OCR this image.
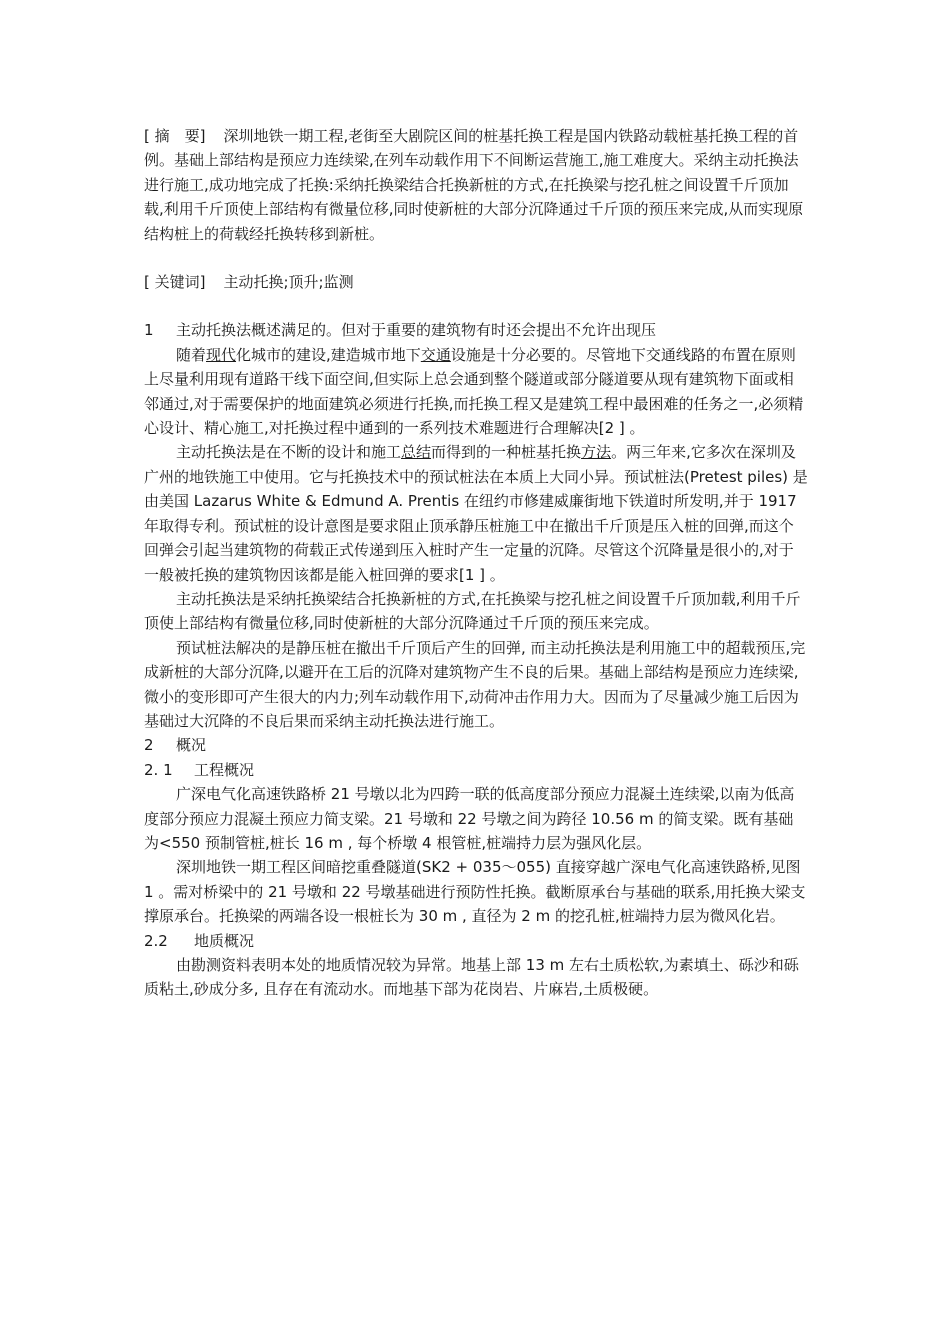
[ 摘　要] 深圳地铁一期工程,老街至大剧院区间的桩基托换工程是国内铁路动载桩基托换工程的首例。基础上部结构是预应力连续梁,在列车动载作用下不间断运营施工,施工难度大。采纳主动托换法进行施工,成功地完成了托换:采纳托换梁结合托换新桩的方式,在托换梁与挖孔桩之间设置千斤顶加载,利用千斤顶使上部结构有微量位移,同时使新桩的大部分沉降通过千斤顶的预压来完成,从而实现原结构桩上的荷载经托换转移到新桩。

[ 关键词] 主动托换;顶升;监测

1 主动托换法概述满足的。但对于重要的建筑物有时还会提出不允许出现压

随着现代化城市的建设,建造城市地下交通设施是十分必要的。尽管地下交通线路的布置在原则上尽量利用现有道路干线下面空间,但实际上总会通到整个隧道或部分隧道要从现有建筑物下面或相邻通过,对于需要保护的地面建筑必须进行托换,而托换工程又是建筑工程中最困难的任务之一,必须精心设计、精心施工,对托换过程中通到的一系列技术难题进行合理解决[2 ] 。

主动托换法是在不断的设计和施工总结而得到的一种桩基托换方法。两三年来,它多次在深圳及广州的地铁施工中使用。它与托换技术中的预试桩法在本质上大同小异。预试桩法(Pretest piles) 是由美国 Lazarus White & Edmund A. Prentis 在纽约市修建威廉街地下铁道时所发明,并于 1917 年取得专利。预试桩的设计意图是要求阻止顶承静压桩施工中在撤出千斤顶是压入桩的回弹,而这个回弹会引起当建筑物的荷载正式传递到压入桩时产生一定量的沉降。尽管这个沉降量是很小的,对于一般被托换的建筑物因该都是能入桩回弹的要求[1 ] 。

主动托换法是采纳托换梁结合托换新桩的方式,在托换梁与挖孔桩之间设置千斤顶加载,利用千斤顶使上部结构有微量位移,同时使新桩的大部分沉降通过千斤顶的预压来完成。

预试桩法解决的是静压桩在撤出千斤顶后产生的回弹, 而主动托换法是利用施工中的超载预压,完成新桩的大部分沉降,以避开在工后的沉降对建筑物产生不良的后果。基础上部结构是预应力连续梁,微小的变形即可产生很大的内力;列车动载作用下,动荷冲击作用力大。因而为了尽量减少施工后因为基础过大沉降的不良后果而采纳主动托换法进行施工。

2 概况

2. 1 工程概况

广深电气化高速铁路桥 21 号墩以北为四跨一联的低高度部分预应力混凝土连续梁,以南为低高度部分预应力混凝土预应力简支梁。21 号墩和 22 号墩之间为跨径 10.56 m 的简支梁。既有基础为<550 预制管桩,桩长 16 m , 每个桥墩 4 根管桩,桩端持力层为强风化层。

深圳地铁一期工程区间暗挖重叠隧道(SK2 + 035～055) 直接穿越广深电气化高速铁路桥,见图 1 。需对桥梁中的 21 号墩和 22 号墩基础进行预防性托换。截断原承台与基础的联系,用托换大梁支撑原承台。托换梁的两端各设一根桩长为 30 m , 直径为 2 m 的挖孔桩,桩端持力层为微风化岩。

2.2 地质概况

由勘测资料表明本处的地质情况较为异常。地基上部 13 m 左右土质松软,为素填土、砾沙和砾质粘土,砂成分多, 且存在有流动水。而地基下部为花岗岩、片麻岩,土质极硬。
